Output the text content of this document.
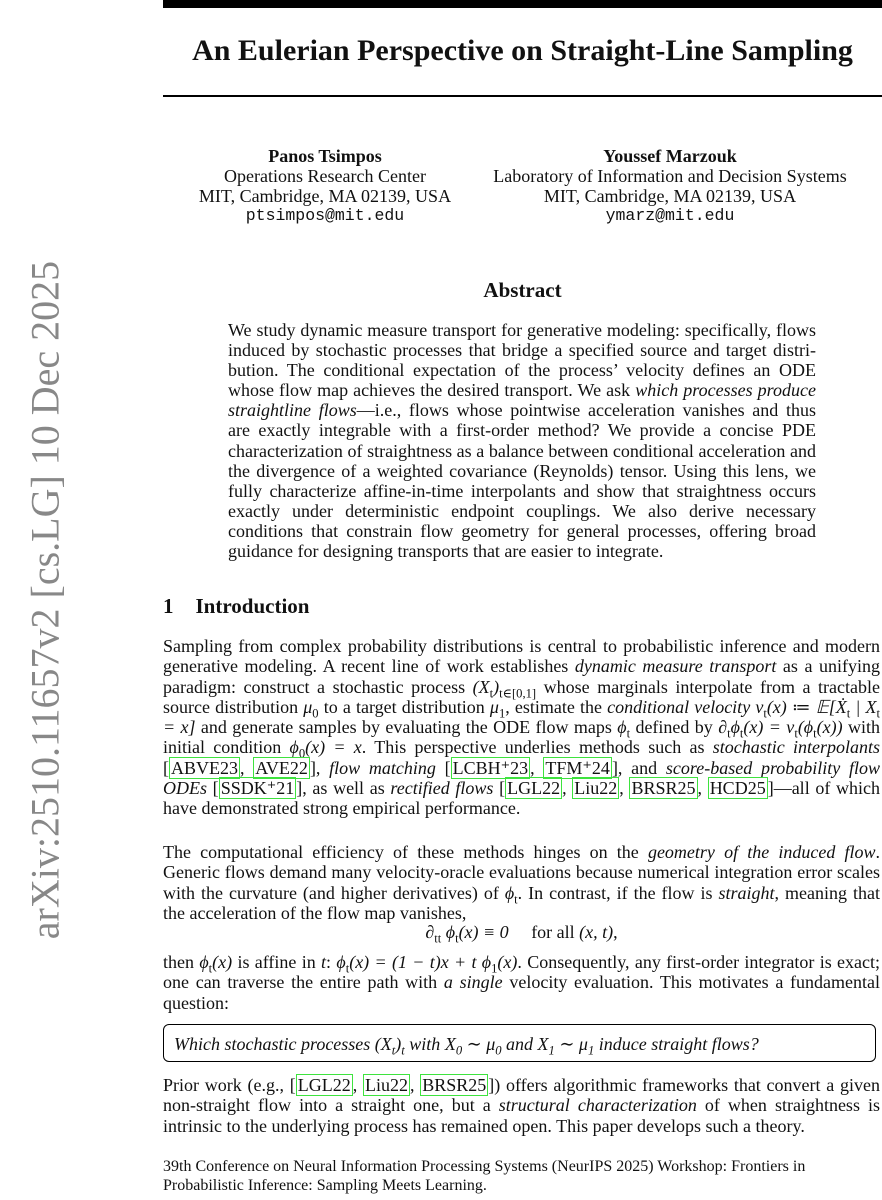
An Eulerian Perspective on Straight-Line Sampling
Panos Tsimpos
Operations Research Center
MIT, Cambridge, MA 02139, USA
ptsimpos@mit.edu
Youssef Marzouk
Laboratory of Information and Decision Systems
MIT, Cambridge, MA 02139, USA
ymarz@mit.edu
Abstract
We study dynamic measure transport for generative modeling: specifically, flows induced by stochastic processes that bridge a specified source and target distribution. The conditional expectation of the process’ velocity defines an ODE whose flow map achieves the desired transport. We ask which processes produce straightline flows—i.e., flows whose pointwise acceleration vanishes and thus are exactly integrable with a first-order method? We provide a concise PDE characterization of straightness as a balance between conditional acceleration and the divergence of a weighted covariance (Reynolds) tensor. Using this lens, we fully characterize affine-in-time interpolants and show that straightness occurs exactly under deterministic endpoint couplings. We also derive necessary conditions that constrain flow geometry for general processes, offering broad guidance for designing transports that are easier to integrate.
1 Introduction
Sampling from complex probability distributions is central to probabilistic inference and modern generative modeling. A recent line of work establishes dynamic measure transport as a unifying paradigm: construct a stochastic process $(X_t)_{t\in[0,1]}$ whose marginals interpolate from a tractable source distribution $\mu_0$ to a target distribution $\mu_1$, estimate the conditional velocity $v_t(x)$ ≔ $𝔼[Ẋ_t$ | $X_t = x$] and generate samples by evaluating the ODE flow maps $\phi_t$ defined by $\partial_t\phi_t(x) = v_t(\phi_t(x))$ with initial condition $\phi_0(x) = x$. This perspective underlies methods such as stochastic interpolants [ ABVE23 , AVE22 ], flow matching [ LCBH⁺23 , TFM⁺24 ], and score-based probability flow ODEs [ SSDK⁺21 ], as well as rectified flows [ LGL22 , Liu22 , BRSR25 , HCD25 ]—all of which have demonstrated strong empirical performance.
The computational efficiency of these methods hinges on the geometry of the induced flow. Generic flows demand many velocity-oracle evaluations because numerical integration error scales with the curvature (and higher derivatives) of $\phi_t$. In contrast, if the flow is straight, meaning that the acceleration of the flow map vanishes,
$\partial_{tt}$ $\phi_t(x) \equiv 0$  for all (x, t),
then $\phi_t(x)$ is affine in t: $\phi_t(x) = (1 - t)x + t$ $\phi_1(x)$. Consequently, any first-order integrator is exact; one can traverse the entire path with a single velocity evaluation. This motivates a fundamental question:
Which stochastic processes $(X_t)_t$ with $X_0$ ∼ $\mu_0$ and $X_1$ ∼ $\mu_1$ induce straight flows?
Prior work (e.g., [ LGL22 , Liu22 , BRSR25 ]) offers algorithmic frameworks that convert a given non-straight flow into a straight one, but a structural characterization of when straightness is intrinsic to the underlying process has remained open. This paper develops such a theory.
39th Conference on Neural Information Processing Systems (NeurIPS 2025) Workshop: Frontiers in Probabilistic Inference: Sampling Meets Learning.
arXiv:2510.11657v2 [cs.LG] 10 Dec 2025
